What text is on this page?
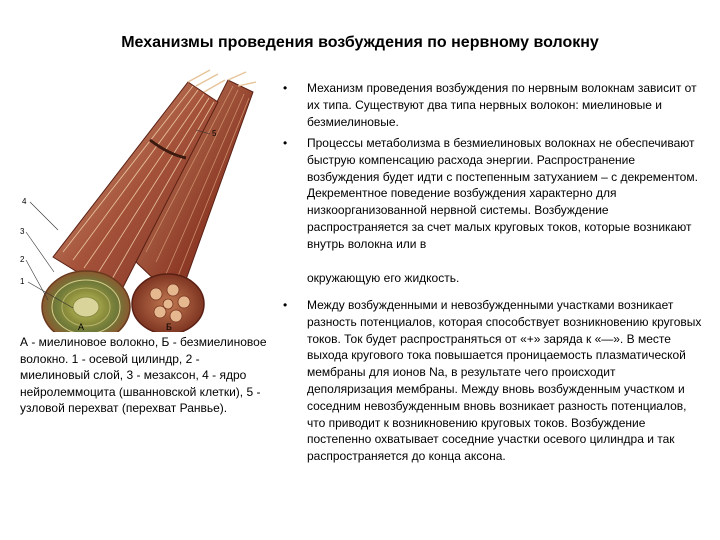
Механизмы проведения возбуждения по нервному волокну
5
4
3
2
1
А	Б
А - миелиновое волокно, Б - безмиелиновое волокно. 1 - осевой цилиндр, 2 - миелиновый слой, 3 - мезаксон, 4 - ядро нейролеммоцита (шванновской клетки), 5 - узловой перехват (перехват Ранвье).
• Механизм проведения возбуждения по нервным волокнам зависит от их типа. Существуют два типа нервных волокон: миелиновые и безмиелиновые.
• Процессы метаболизма в безмиелиновых волокнах не обеспечивают быструю компенсацию расхода энергии. Распространение возбуждения будет идти с постепенным затуханием – с декрементом. Декрементное поведение возбуждения характерно для низкоорганизованной нервной системы. Возбуждение распространяется за счет малых круговых токов, которые возникают внутрь волокна или в
окружающую его жидкость.
• Между возбужденными и невозбужденными участками возникает разность потенциалов, которая способствует возникновению круговых токов. Ток будет распространяться от «+» заряда к «—». В месте выхода кругового тока повышается проницаемость плазматической мембраны для ионов Na, в результате чего происходит деполяризация мембраны. Между вновь возбужденным участком и соседним невозбужденным вновь возникает разность потенциалов, что приводит к возникновению круговых токов. Возбуждение постепенно охватывает соседние участки осевого цилиндра и так распространяется до конца аксона.
